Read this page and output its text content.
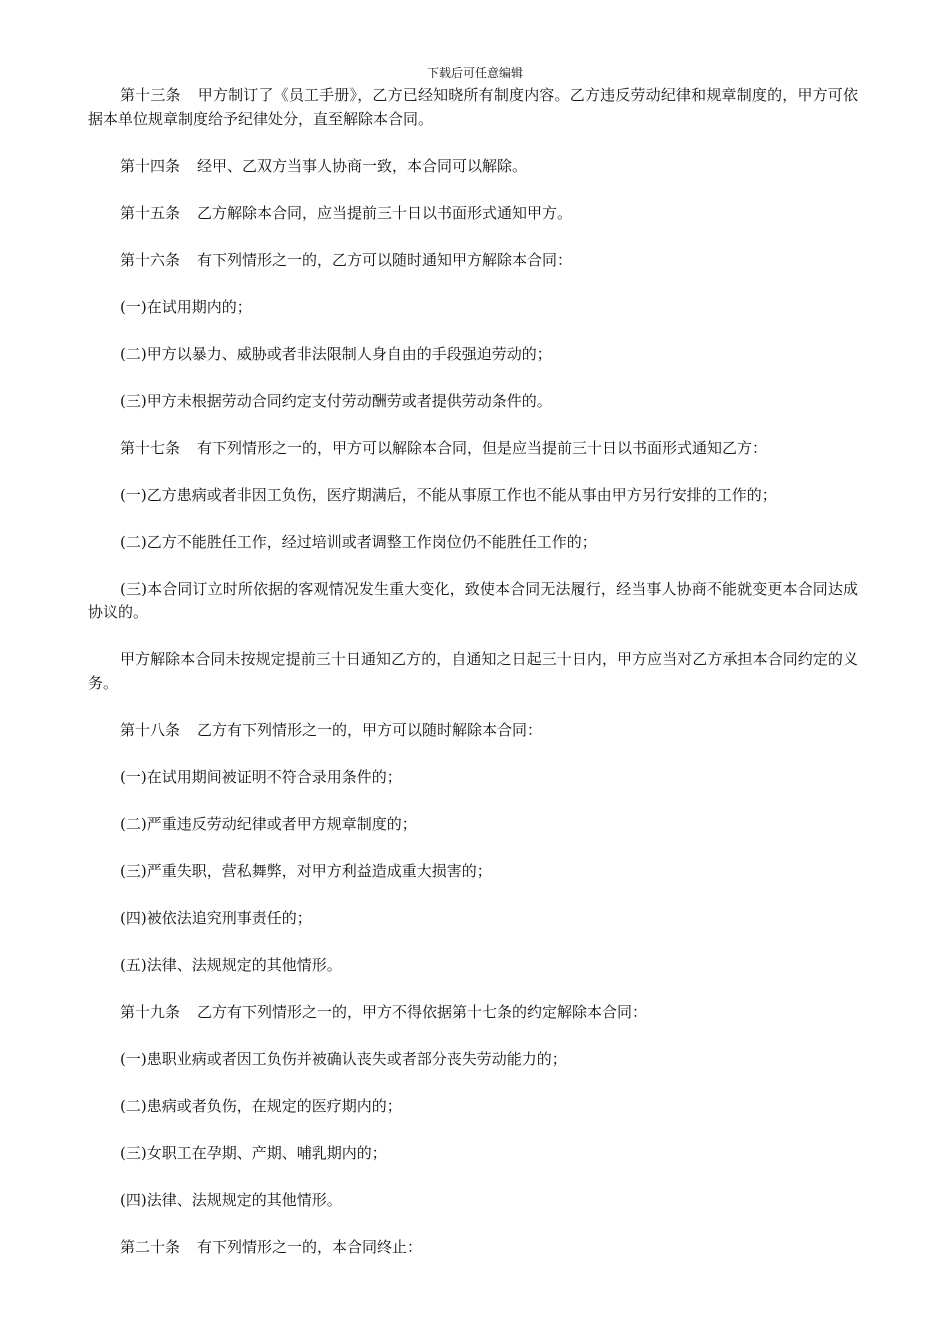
下载后可任意编辑

第十三条 甲方制订了《员工手册》，乙方已经知晓所有制度内容。乙方违反劳动纪律和规章制度的，甲方可依据本单位规章制度给予纪律处分，直至解除本合同。

第十四条 经甲、乙双方当事人协商一致，本合同可以解除。

第十五条 乙方解除本合同，应当提前三十日以书面形式通知甲方。

第十六条 有下列情形之一的，乙方可以随时通知甲方解除本合同：

(一)在试用期内的；

(二)甲方以暴力、威胁或者非法限制人身自由的手段强迫劳动的；

(三)甲方未根据劳动合同约定支付劳动酬劳或者提供劳动条件的。

第十七条 有下列情形之一的，甲方可以解除本合同，但是应当提前三十日以书面形式通知乙方：

(一)乙方患病或者非因工负伤，医疗期满后，不能从事原工作也不能从事由甲方另行安排的工作的；

(二)乙方不能胜任工作，经过培训或者调整工作岗位仍不能胜任工作的；

(三)本合同订立时所依据的客观情况发生重大变化，致使本合同无法履行，经当事人协商不能就变更本合同达成协议的。

甲方解除本合同未按规定提前三十日通知乙方的，自通知之日起三十日内，甲方应当对乙方承担本合同约定的义务。

第十八条 乙方有下列情形之一的，甲方可以随时解除本合同：

(一)在试用期间被证明不符合录用条件的；

(二)严重违反劳动纪律或者甲方规章制度的；

(三)严重失职，营私舞弊，对甲方利益造成重大损害的；

(四)被依法追究刑事责任的；

(五)法律、法规规定的其他情形。

第十九条 乙方有下列情形之一的，甲方不得依据第十七条的约定解除本合同：

(一)患职业病或者因工负伤并被确认丧失或者部分丧失劳动能力的；

(二)患病或者负伤，在规定的医疗期内的；

(三)女职工在孕期、产期、哺乳期内的；

(四)法律、法规规定的其他情形。

第二十条 有下列情形之一的，本合同终止：
